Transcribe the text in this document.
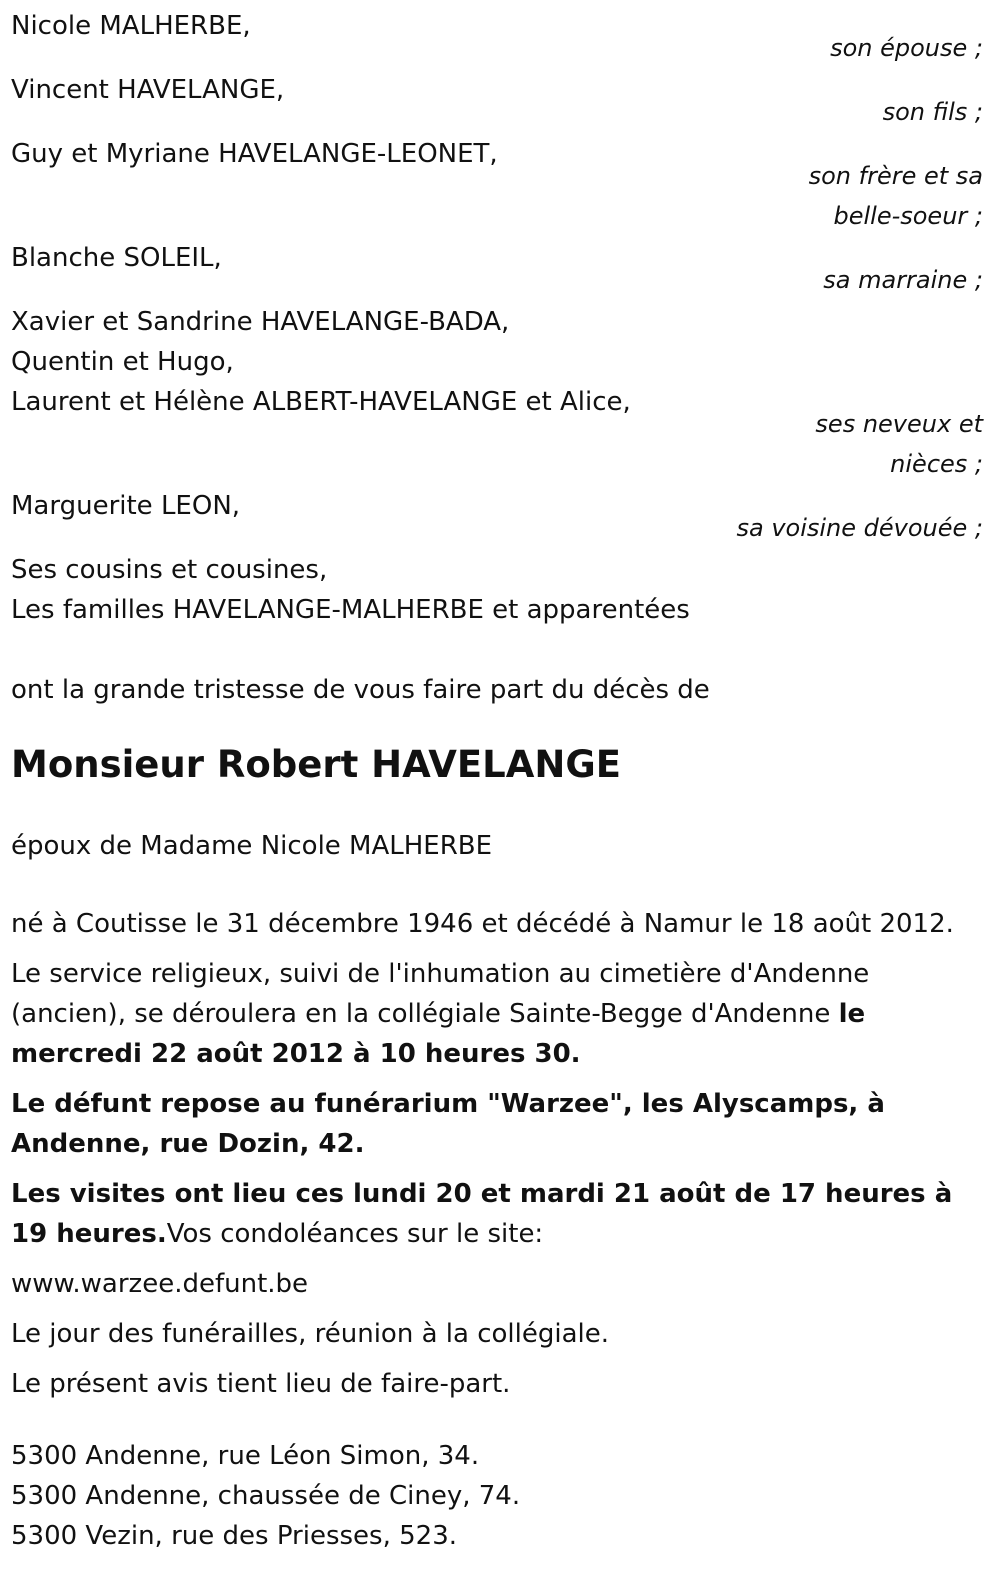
Nicole MALHERBE,
son épouse ;
Vincent HAVELANGE,
son fils ;
Guy et Myriane HAVELANGE-LEONET,
son frère et sa
belle-soeur ;
Blanche SOLEIL,
sa marraine ;
Xavier et Sandrine HAVELANGE-BADA,
Quentin et Hugo,
Laurent et Hélène ALBERT-HAVELANGE et Alice,
ses neveux et
nièces ;
Marguerite LEON,
sa voisine dévouée ;
Ses cousins et cousines,
Les familles HAVELANGE-MALHERBE et apparentées

ont la grande tristesse de vous faire part du décès de

Monsieur Robert HAVELANGE

époux de Madame Nicole MALHERBE

né à Coutisse le 31 décembre 1946 et décédé à Namur le 18 août 2012.

Le service religieux, suivi de l'inhumation au cimetière d'Andenne (ancien), se déroulera en la collégiale Sainte-Begge d'Andenne le mercredi 22 août 2012 à 10 heures 30.

Le défunt repose au funérarium "Warzee", les Alyscamps, à Andenne, rue Dozin, 42.

Les visites ont lieu ces lundi 20 et mardi 21 août de 17 heures à 19 heures.Vos condoléances sur le site:

www.warzee.defunt.be

Le jour des funérailles, réunion à la collégiale.

Le présent avis tient lieu de faire-part.

5300 Andenne, rue Léon Simon, 34.
5300 Andenne, chaussée de Ciney, 74.
5300 Vezin, rue des Priesses, 523.
